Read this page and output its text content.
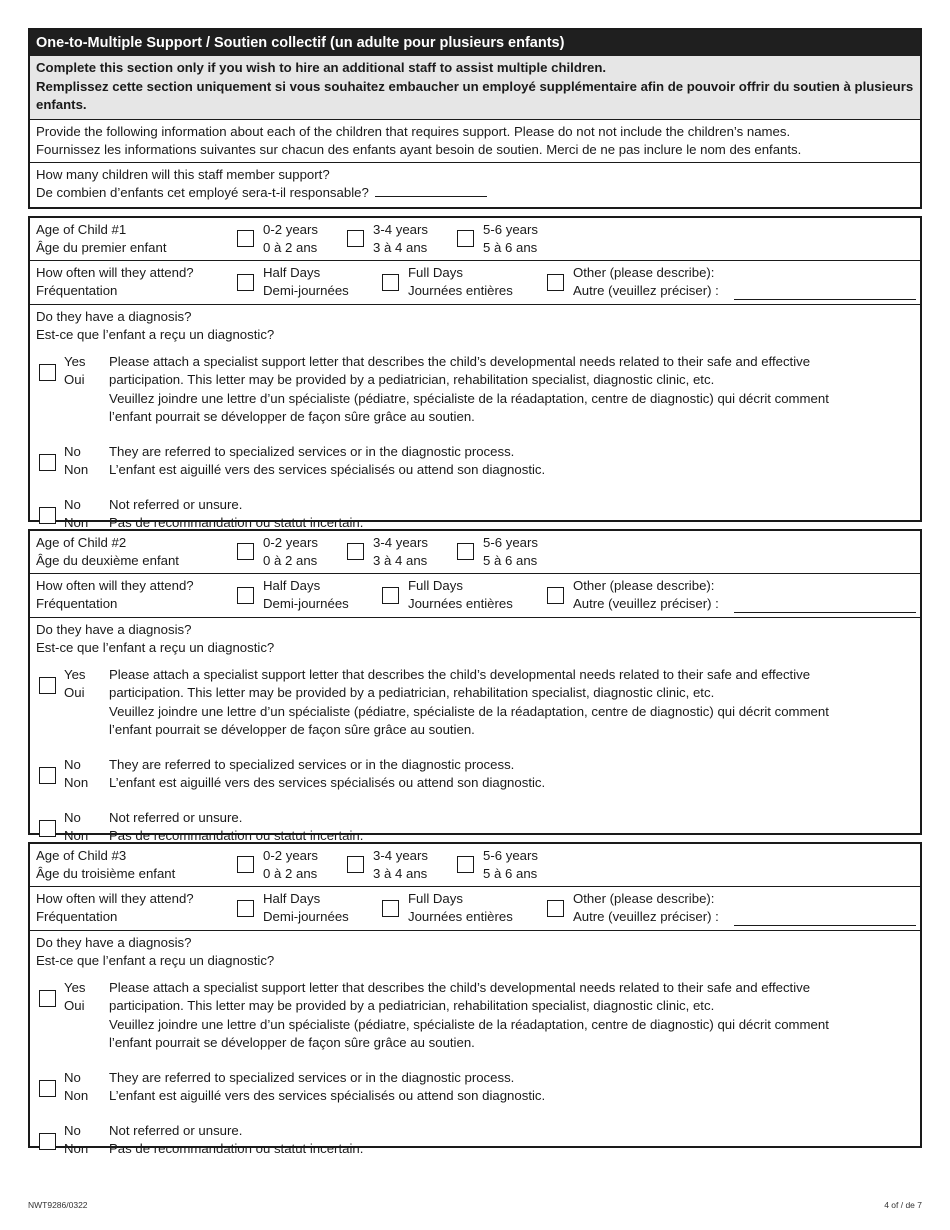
One-to-Multiple Support / Soutien collectif (un adulte pour plusieurs enfants)
Complete this section only if you wish to hire an additional staff to assist multiple children.
Remplissez cette section uniquement si vous souhaitez embaucher un employé supplémentaire afin de pouvoir offrir du soutien à plusieurs enfants.
Provide the following information about each of the children that requires support. Please do not not include the children’s names.
Fournissez les informations suivantes sur chacun des enfants ayant besoin de soutien. Merci de ne pas inclure le nom des enfants.
How many children will this staff member support?
De combien d’enfants cet employé sera-t-il responsable?
Age of Child #1
Âge du premier enfant
0-2 years
0 à 2 ans
3-4 years
3 à 4 ans
5-6 years
5 à 6 ans
How often will they attend?
Fréquentation
Half Days
Demi-journées
Full Days
Journées entières
Other (please describe):
Autre (veuillez préciser) :
Do they have a diagnosis?
Est-ce que l’enfant a reçu un diagnostic?
Yes
Oui
Please attach a specialist support letter that describes the child’s developmental needs related to their safe and effective
participation. This letter may be provided by a pediatrician, rehabilitation specialist, diagnostic clinic, etc.
Veuillez joindre une lettre d’un spécialiste (pédiatre, spécialiste de la réadaptation, centre de diagnostic) qui décrit comment
l’enfant pourrait se développer de façon sûre grâce au soutien.
No
Non
They are referred to specialized services or in the diagnostic process.
L’enfant est aiguillé vers des services spécialisés ou attend son diagnostic.
No
Non
Not referred or unsure.
Pas de recommandation ou statut incertain.
Age of Child #2
Âge du deuxième enfant
0-2 years
0 à 2 ans
3-4 years
3 à 4 ans
5-6 years
5 à 6 ans
How often will they attend?
Fréquentation
Half Days
Demi-journées
Full Days
Journées entières
Other (please describe):
Autre (veuillez préciser) :
Do they have a diagnosis?
Est-ce que l’enfant a reçu un diagnostic?
Yes
Oui
Please attach a specialist support letter that describes the child’s developmental needs related to their safe and effective
participation. This letter may be provided by a pediatrician, rehabilitation specialist, diagnostic clinic, etc.
Veuillez joindre une lettre d’un spécialiste (pédiatre, spécialiste de la réadaptation, centre de diagnostic) qui décrit comment
l’enfant pourrait se développer de façon sûre grâce au soutien.
No
Non
They are referred to specialized services or in the diagnostic process.
L’enfant est aiguillé vers des services spécialisés ou attend son diagnostic.
No
Non
Not referred or unsure.
Pas de recommandation ou statut incertain.
Age of Child #3
Âge du troisième enfant
0-2 years
0 à 2 ans
3-4 years
3 à 4 ans
5-6 years
5 à 6 ans
How often will they attend?
Fréquentation
Half Days
Demi-journées
Full Days
Journées entières
Other (please describe):
Autre (veuillez préciser) :
Do they have a diagnosis?
Est-ce que l’enfant a reçu un diagnostic?
Yes
Oui
Please attach a specialist support letter that describes the child’s developmental needs related to their safe and effective
participation. This letter may be provided by a pediatrician, rehabilitation specialist, diagnostic clinic, etc.
Veuillez joindre une lettre d’un spécialiste (pédiatre, spécialiste de la réadaptation, centre de diagnostic) qui décrit comment
l’enfant pourrait se développer de façon sûre grâce au soutien.
No
Non
They are referred to specialized services or in the diagnostic process.
L’enfant est aiguillé vers des services spécialisés ou attend son diagnostic.
No
Non
Not referred or unsure.
Pas de recommandation ou statut incertain.
NWT9286/0322	4 of / de 7
